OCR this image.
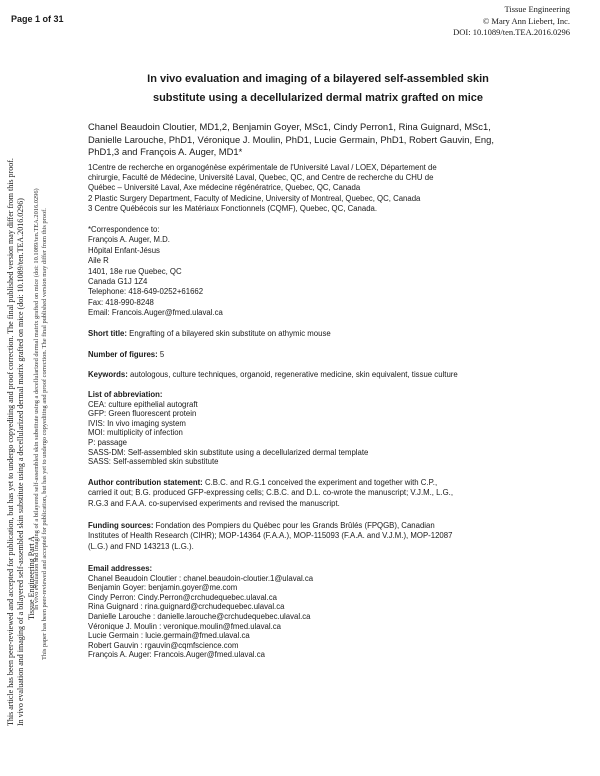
Page 1 of 31
Tissue Engineering
© Mary Ann Liebert, Inc.
DOI: 10.1089/ten.TEA.2016.0296
This article has been peer-reviewed and accepted for publication, but has yet to undergo copyediting and proof correction. The final published version may differ from this proof. In vivo evaluation and imaging of a bilayered self-assembled skin substitute using a decellularized dermal matrix grafted on mice (doi: 10.1089/ten.TEA.2016.0296) Tissue Engineering Part A
In vivo evaluation and imaging of a bilayered self-assembled skin substitute using a decellularized dermal matrix grafted on mice (doi: 10.1089/ten.TEA.2016.0296) This paper has been peer-reviewed and accepted for publication, but has yet to undergo copyediting and proof correction. The final published version may differ from this proof.
In vivo evaluation and imaging of a bilayered self-assembled skin
substitute using a decellularized dermal matrix grafted on mice
Chanel Beaudoin Cloutier, MD1,2, Benjamin Goyer, MSc1, Cindy Perron1, Rina Guignard, MSc1,
Danielle Larouche, PhD1, Véronique J. Moulin, PhD1, Lucie Germain, PhD1, Robert Gauvin, Eng,
PhD1,3 and François A. Auger, MD1*
1Centre de recherche en organogénèse expérimentale de l'Université Laval / LOEX, Département de
chirurgie, Faculté de Médecine, Université Laval, Quebec, QC, and Centre de recherche du CHU de
Québec – Université Laval, Axe médecine régénératrice, Quebec, QC, Canada
2 Plastic Surgery Department, Faculty of Medicine, University of Montreal, Quebec, QC, Canada
3 Centre Québécois sur les Matériaux Fonctionnels (CQMF), Quebec, QC, Canada.
*Correspondence to:
François A. Auger, M.D.
Hôpital Enfant-Jésus
Aile R
1401, 18e rue Quebec, QC
Canada G1J 1Z4
Telephone: 418-649-0252+61662
Fax: 418-990-8248
Email: Francois.Auger@fmed.ulaval.ca
Short title: Engrafting of a bilayered skin substitute on athymic mouse
Number of figures: 5
Keywords: autologous, culture techniques, organoid, regenerative medicine, skin equivalent, tissue culture
List of abbreviation:
CEA: culture epithelial autograft
GFP: Green fluorescent protein
IVIS: In vivo imaging system
MOI: multiplicity of infection
P: passage
SASS-DM: Self-assembled skin substitute using a decellularized dermal template
SASS: Self-assembled skin substitute
Author contribution statement: C.B.C. and R.G.1 conceived the experiment and together with C.P.,
carried it out; B.G. produced GFP-expressing cells; C.B.C. and D.L. co-wrote the manuscript; V.J.M., L.G.,
R.G.3 and F.A.A. co-supervised experiments and revised the manuscript.
Funding sources: Fondation des Pompiers du Québec pour les Grands Brûlés (FPQGB), Canadian
Institutes of Health Research (CIHR); MOP-14364 (F.A.A.), MOP-115093 (F.A.A. and V.J.M.), MOP-12087
(L.G.) and FND 143213 (L.G.).
Email addresses:
Chanel Beaudoin Cloutier : chanel.beaudoin-cloutier.1@ulaval.ca
Benjamin Goyer: benjamin.goyer@me.com
Cindy Perron: Cindy.Perron@crchudequebec.ulaval.ca
Rina Guignard : rina.guignard@crchudequebec.ulaval.ca
Danielle Larouche : danielle.larouche@crchudequebec.ulaval.ca
Véronique J. Moulin : veronique.moulin@fmed.ulaval.ca
Lucie Germain : lucie.germain@fmed.ulaval.ca
Robert Gauvin : rgauvin@cqmfscience.com
François A. Auger: Francois.Auger@fmed.ulaval.ca
